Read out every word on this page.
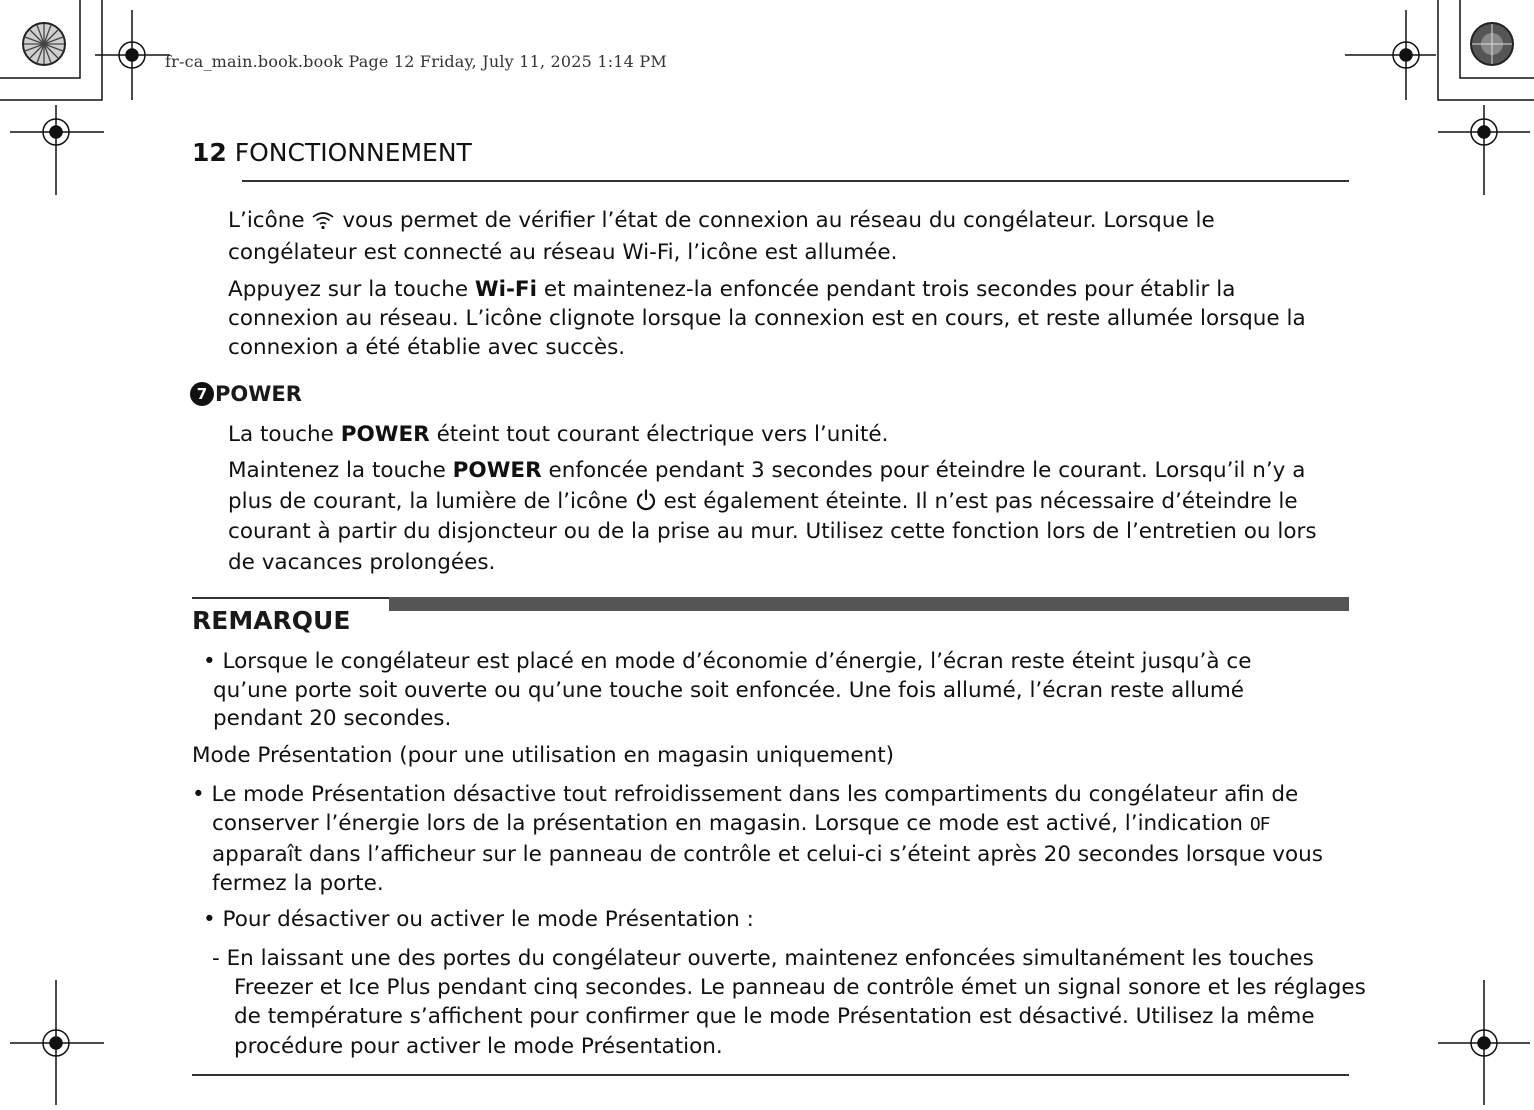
fr-ca_main.book.book Page 12 Friday, July 11, 2025 1:14 PM
12 FONCTIONNEMENT

L’icône vous permet de vérifier l’état de connexion au réseau du congélateur. Lorsque le congélateur est connecté au réseau Wi-Fi, l’icône est allumée.

Appuyez sur la touche Wi-Fi et maintenez-la enfoncée pendant trois secondes pour établir la connexion au réseau. L’icône clignote lorsque la connexion est en cours, et reste allumée lorsque la connexion a été établie avec succès.

7 POWER

La touche POWER éteint tout courant électrique vers l’unité.

Maintenez la touche POWER enfoncée pendant 3 secondes pour éteindre le courant. Lorsqu’il n’y a plus de courant, la lumière de l’icône est également éteinte. Il n’est pas nécessaire d’éteindre le courant à partir du disjoncteur ou de la prise au mur. Utilisez cette fonction lors de l’entretien ou lors de vacances prolongées.

REMARQUE

• Lorsque le congélateur est placé en mode d’économie d’énergie, l’écran reste éteint jusqu’à ce qu’une porte soit ouverte ou qu’une touche soit enfoncée. Une fois allumé, l’écran reste allumé pendant 20 secondes.

Mode Présentation (pour une utilisation en magasin uniquement)

• Le mode Présentation désactive tout refroidissement dans les compartiments du congélateur afin de conserver l’énergie lors de la présentation en magasin. Lorsque ce mode est activé, l’indication OF apparaît dans l’afficheur sur le panneau de contrôle et celui-ci s’éteint après 20 secondes lorsque vous fermez la porte.

• Pour désactiver ou activer le mode Présentation :

- En laissant une des portes du congélateur ouverte, maintenez enfoncées simultanément les touches Freezer et Ice Plus pendant cinq secondes. Le panneau de contrôle émet un signal sonore et les réglages de température s’affichent pour confirmer que le mode Présentation est désactivé. Utilisez la même procédure pour activer le mode Présentation.
